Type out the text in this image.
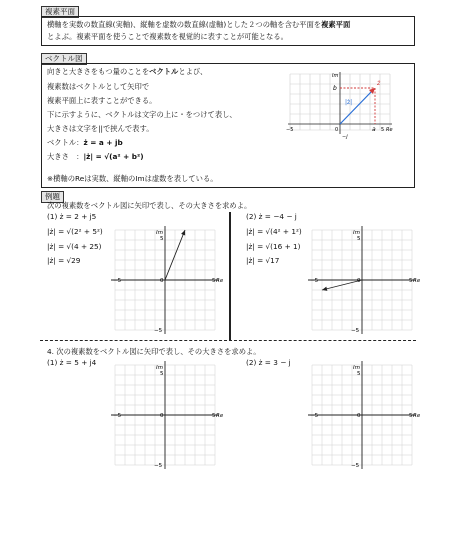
複素平面
横軸を実数の数直線(実軸)、縦軸を虚数の数直線(虚軸)とした２つの軸を含む平面を複素平面
とよぶ。複素平面を使うことで複素数を視覚的に表すことが可能となる。
ベクトル図
向きと大きさをもつ量のことをベクトルとよび、
複素数はベクトルとして矢印で
複素平面上に表すことができる。
下に示すように、ベクトルは文字の上に・をつけて表し、
大きさは文字を||で挟んで表す。
ベクトル：ż = a + jb
大きさ　：|ż| = √(a² + b²)
※横軸のReは実数、縦軸のImは虚数を表している。
Im
b
ż
|ż|
−5	0	a 5 Re
−j
例題
次の複素数をベクトル図に矢印で表し、その大きさを求めよ。
(1) ż = 2 + j5
|ż| = √(2² + 5²)
|ż| = √(4 + 25)
|ż| = √29
(2) ż = −4 − j
|ż| = √(4² + 1²)
|ż| = √(16 + 1)
|ż| = √17
4. 次の複素数をベクトル図に矢印で表し、その大きさを求めよ。
(1) ż = 5 + j4	(2) ż = 3 − j
Im
5
−5
−5	0	5 Re
Im
5
−5
−5	5 Re
Im
5
−5
−5	0	5 Re
Im
5
−5
−5	0	5 Re
